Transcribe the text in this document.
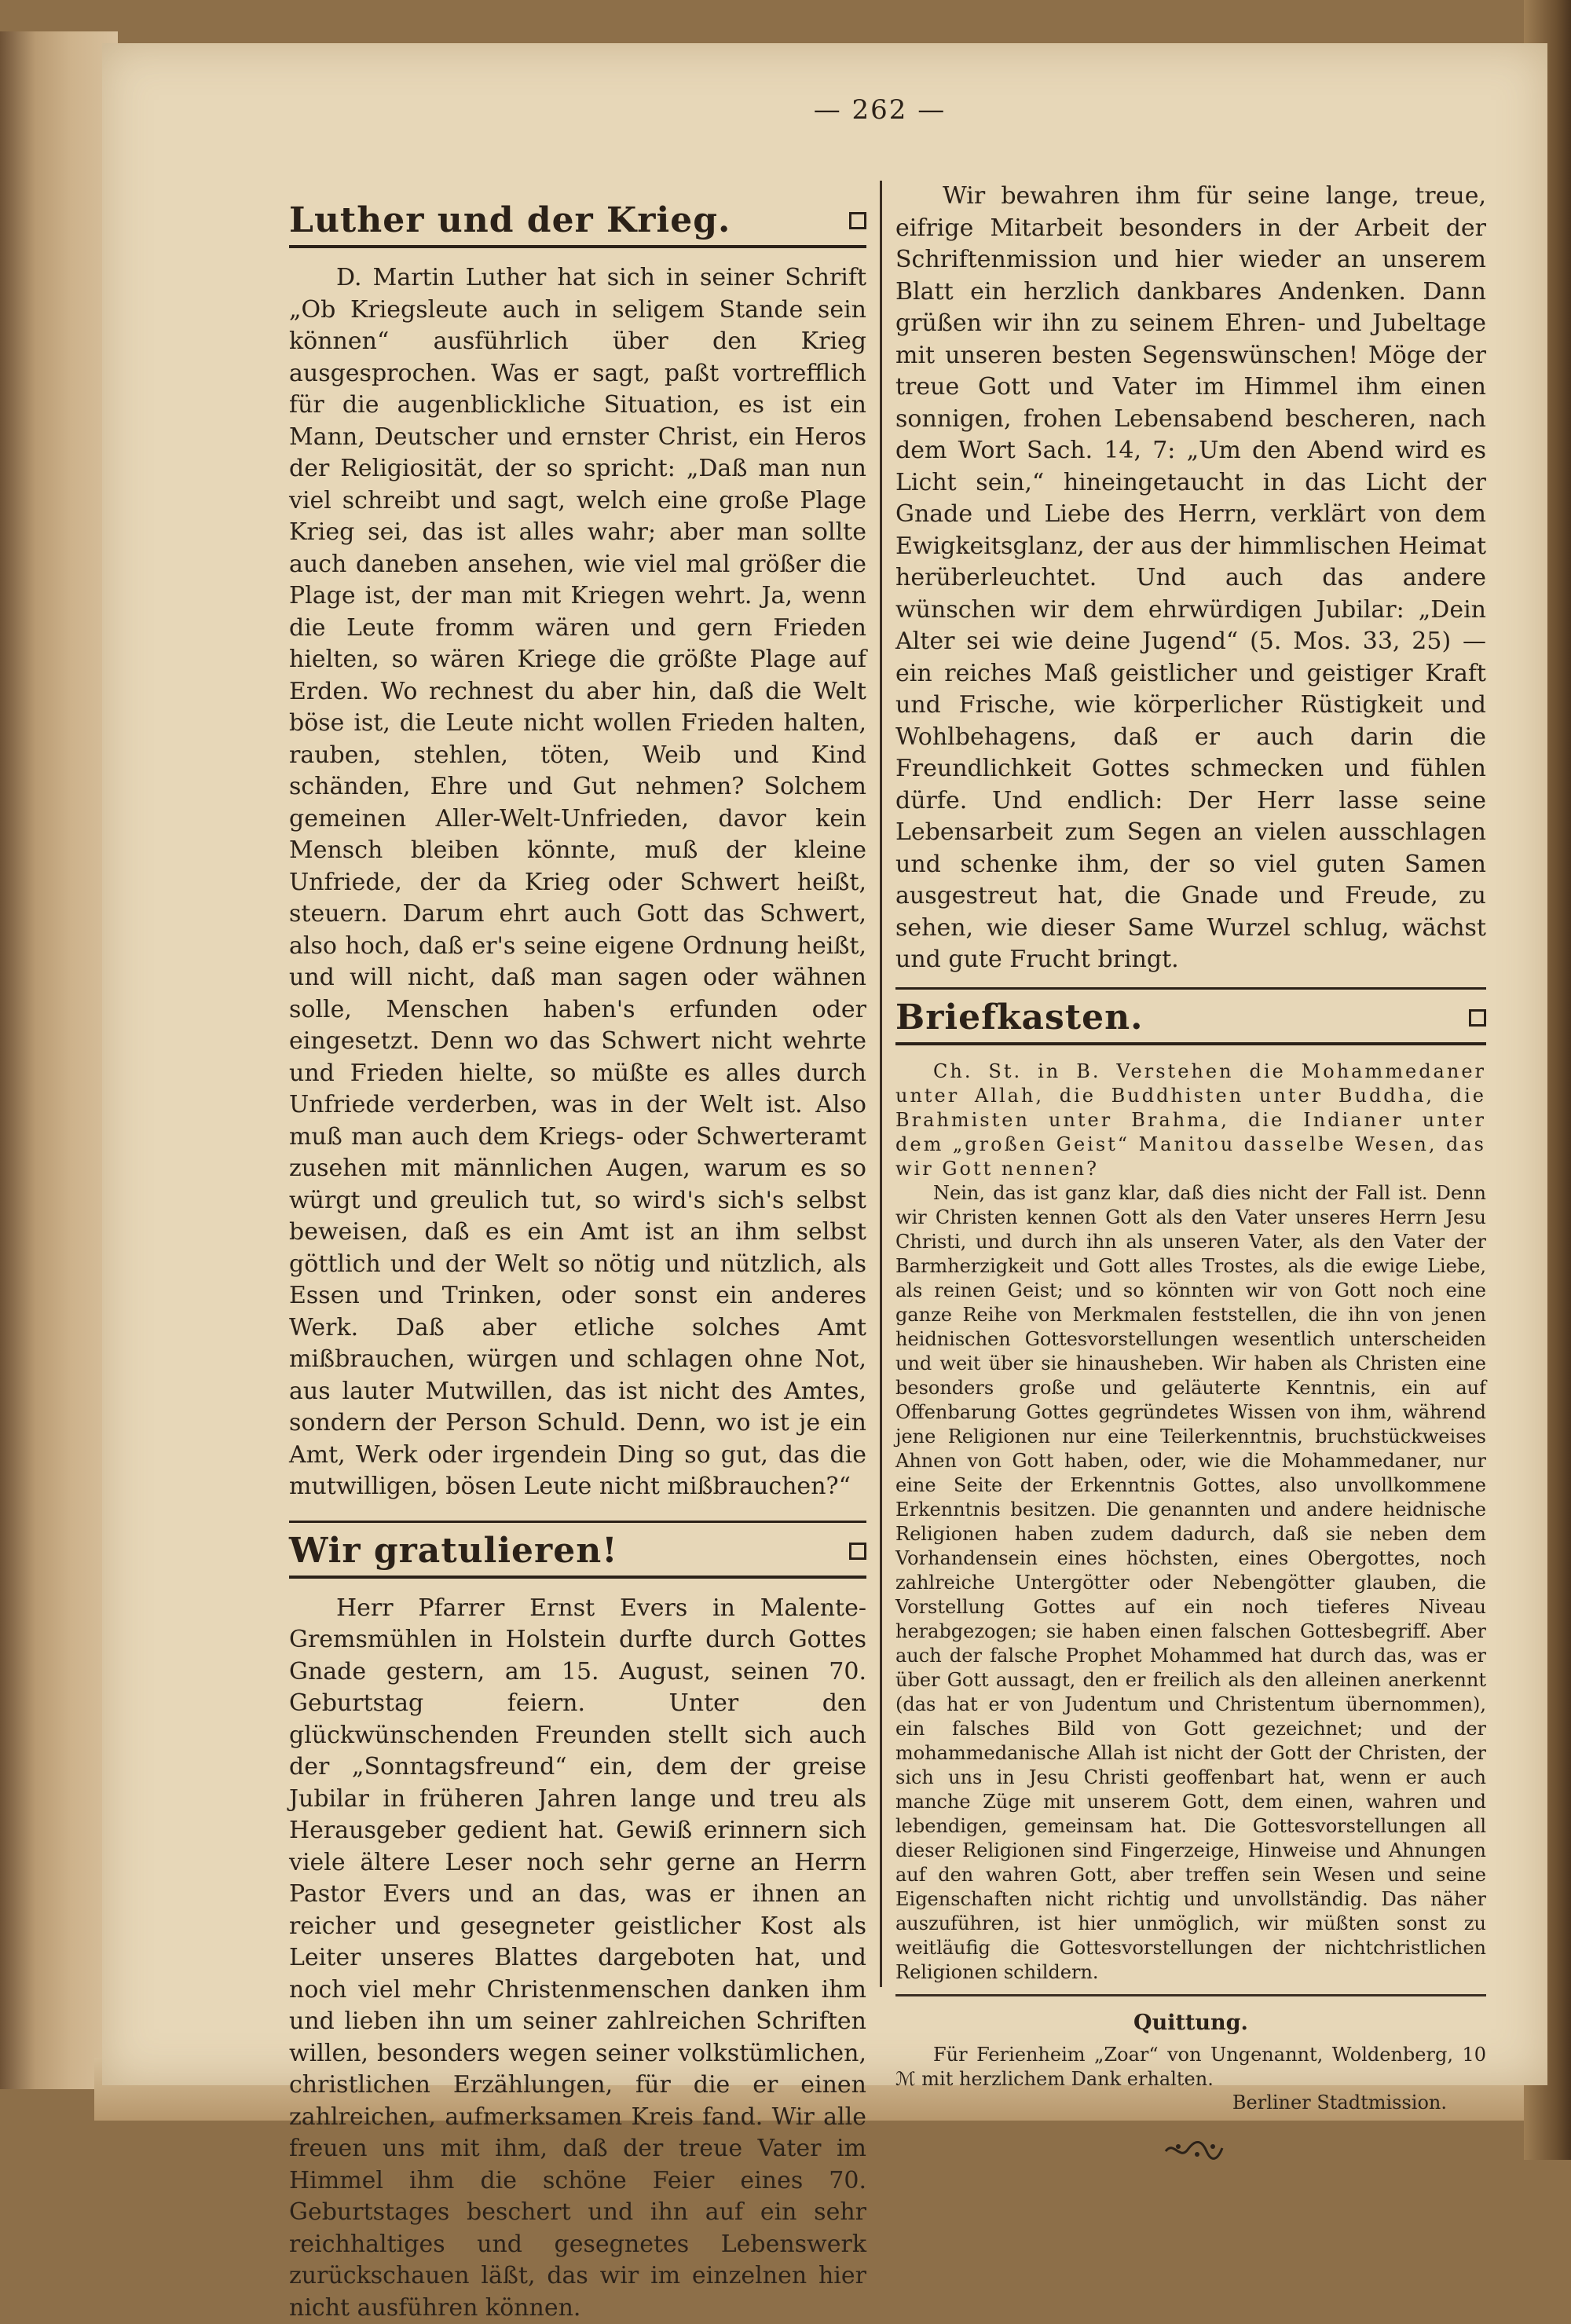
— 262 —
Luther und der Krieg.

D. Martin Luther hat sich in seiner Schrift „Ob Kriegsleute auch in seligem Stande sein können“ ausführlich über den Krieg ausgesprochen. Was er sagt, paßt vortrefflich für die augenblickliche Situation, es ist ein Mann, Deutscher und ernster Christ, ein Heros der Religiosität, der so spricht: „Daß man nun viel schreibt und sagt, welch eine große Plage Krieg sei, das ist alles wahr; aber man sollte auch daneben ansehen, wie viel mal größer die Plage ist, der man mit Kriegen wehrt. Ja, wenn die Leute fromm wären und gern Frieden hielten, so wären Kriege die größte Plage auf Erden. Wo rechnest du aber hin, daß die Welt böse ist, die Leute nicht wollen Frieden halten, rauben, stehlen, töten, Weib und Kind schänden, Ehre und Gut nehmen? Solchem gemeinen Aller-Welt-Unfrieden, davor kein Mensch bleiben könnte, muß der kleine Unfriede, der da Krieg oder Schwert heißt, steuern. Darum ehrt auch Gott das Schwert, also hoch, daß er's seine eigene Ordnung heißt, und will nicht, daß man sagen oder wähnen solle, Menschen haben's erfunden oder eingesetzt. Denn wo das Schwert nicht wehrte und Frieden hielte, so müßte es alles durch Unfriede verderben, was in der Welt ist. Also muß man auch dem Kriegs- oder Schwerteramt zusehen mit männlichen Augen, warum es so würgt und greulich tut, so wird's sich's selbst beweisen, daß es ein Amt ist an ihm selbst göttlich und der Welt so nötig und nützlich, als Essen und Trinken, oder sonst ein anderes Werk. Daß aber etliche solches Amt mißbrauchen, würgen und schlagen ohne Not, aus lauter Mutwillen, das ist nicht des Amtes, sondern der Person Schuld. Denn, wo ist je ein Amt, Werk oder irgendein Ding so gut, das die mutwilligen, bösen Leute nicht mißbrauchen?“

Wir gratulieren!

Herr Pfarrer Ernst Evers in Malente-Gremsmühlen in Holstein durfte durch Gottes Gnade gestern, am 15. August, seinen 70. Geburtstag feiern. Unter den glückwünschenden Freunden stellt sich auch der „Sonntagsfreund“ ein, dem der greise Jubilar in früheren Jahren lange und treu als Herausgeber gedient hat. Gewiß erinnern sich viele ältere Leser noch sehr gerne an Herrn Pastor Evers und an das, was er ihnen an reicher und gesegneter geistlicher Kost als Leiter unseres Blattes dargeboten hat, und noch viel mehr Christenmenschen danken ihm und lieben ihn um seiner zahlreichen Schriften willen, besonders wegen seiner volkstümlichen, christlichen Erzählungen, für die er einen zahlreichen, aufmerksamen Kreis fand. Wir alle freuen uns mit ihm, daß der treue Vater im Himmel ihm die schöne Feier eines 70. Geburtstages beschert und ihn auf ein sehr reichhaltiges und gesegnetes Lebenswerk zurückschauen läßt, das wir im einzelnen hier nicht ausführen können.

Wir bewahren ihm für seine lange, treue, eifrige Mitarbeit besonders in der Arbeit der Schriftenmission und hier wieder an unserem Blatt ein herzlich dankbares Andenken. Dann grüßen wir ihn zu seinem Ehren- und Jubeltage mit unseren besten Segenswünschen! Möge der treue Gott und Vater im Himmel ihm einen sonnigen, frohen Lebensabend bescheren, nach dem Wort Sach. 14, 7: „Um den Abend wird es Licht sein,“ hineingetaucht in das Licht der Gnade und Liebe des Herrn, verklärt von dem Ewigkeitsglanz, der aus der himmlischen Heimat herüberleuchtet. Und auch das andere wünschen wir dem ehrwürdigen Jubilar: „Dein Alter sei wie deine Jugend“ (5. Mos. 33, 25) — ein reiches Maß geistlicher und geistiger Kraft und Frische, wie körperlicher Rüstigkeit und Wohlbehagens, daß er auch darin die Freundlichkeit Gottes schmecken und fühlen dürfe. Und endlich: Der Herr lasse seine Lebensarbeit zum Segen an vielen ausschlagen und schenke ihm, der so viel guten Samen ausgestreut hat, die Gnade und Freude, zu sehen, wie dieser Same Wurzel schlug, wächst und gute Frucht bringt.

Briefkasten.

Ch. St. in B. Verstehen die Mohammedaner unter Allah, die Buddhisten unter Buddha, die Brahmisten unter Brahma, die Indianer unter dem „großen Geist“ Manitou dasselbe Wesen, das wir Gott nennen?

Nein, das ist ganz klar, daß dies nicht der Fall ist. Denn wir Christen kennen Gott als den Vater unseres Herrn Jesu Christi, und durch ihn als unseren Vater, als den Vater der Barmherzigkeit und Gott alles Trostes, als die ewige Liebe, als reinen Geist; und so könnten wir von Gott noch eine ganze Reihe von Merkmalen feststellen, die ihn von jenen heidnischen Gottesvorstellungen wesentlich unterscheiden und weit über sie hinausheben. Wir haben als Christen eine besonders große und geläuterte Kenntnis, ein auf Offenbarung Gottes gegründetes Wissen von ihm, während jene Religionen nur eine Teilerkenntnis, bruchstückweises Ahnen von Gott haben, oder, wie die Mohammedaner, nur eine Seite der Erkenntnis Gottes, also unvollkommene Erkenntnis besitzen. Die genannten und andere heidnische Religionen haben zudem dadurch, daß sie neben dem Vorhandensein eines höchsten, eines Obergottes, noch zahlreiche Untergötter oder Nebengötter glauben, die Vorstellung Gottes auf ein noch tieferes Niveau herabgezogen; sie haben einen falschen Gottesbegriff. Aber auch der falsche Prophet Mohammed hat durch das, was er über Gott aussagt, den er freilich als den alleinen anerkennt (das hat er von Judentum und Christentum übernommen), ein falsches Bild von Gott gezeichnet; und der mohammedanische Allah ist nicht der Gott der Christen, der sich uns in Jesu Christi geoffenbart hat, wenn er auch manche Züge mit unserem Gott, dem einen, wahren und lebendigen, gemeinsam hat. Die Gottesvorstellungen all dieser Religionen sind Fingerzeige, Hinweise und Ahnungen auf den wahren Gott, aber treffen sein Wesen und seine Eigenschaften nicht richtig und unvollständig. Das näher auszuführen, ist hier unmöglich, wir müßten sonst zu weitläufig die Gottesvorstellungen der nichtchristlichen Religionen schildern.

Quittung.

Für Ferienheim „Zoar“ von Ungenannt, Woldenberg, 10 ℳ mit herzlichem Dank erhalten.

Berliner Stadtmission.
